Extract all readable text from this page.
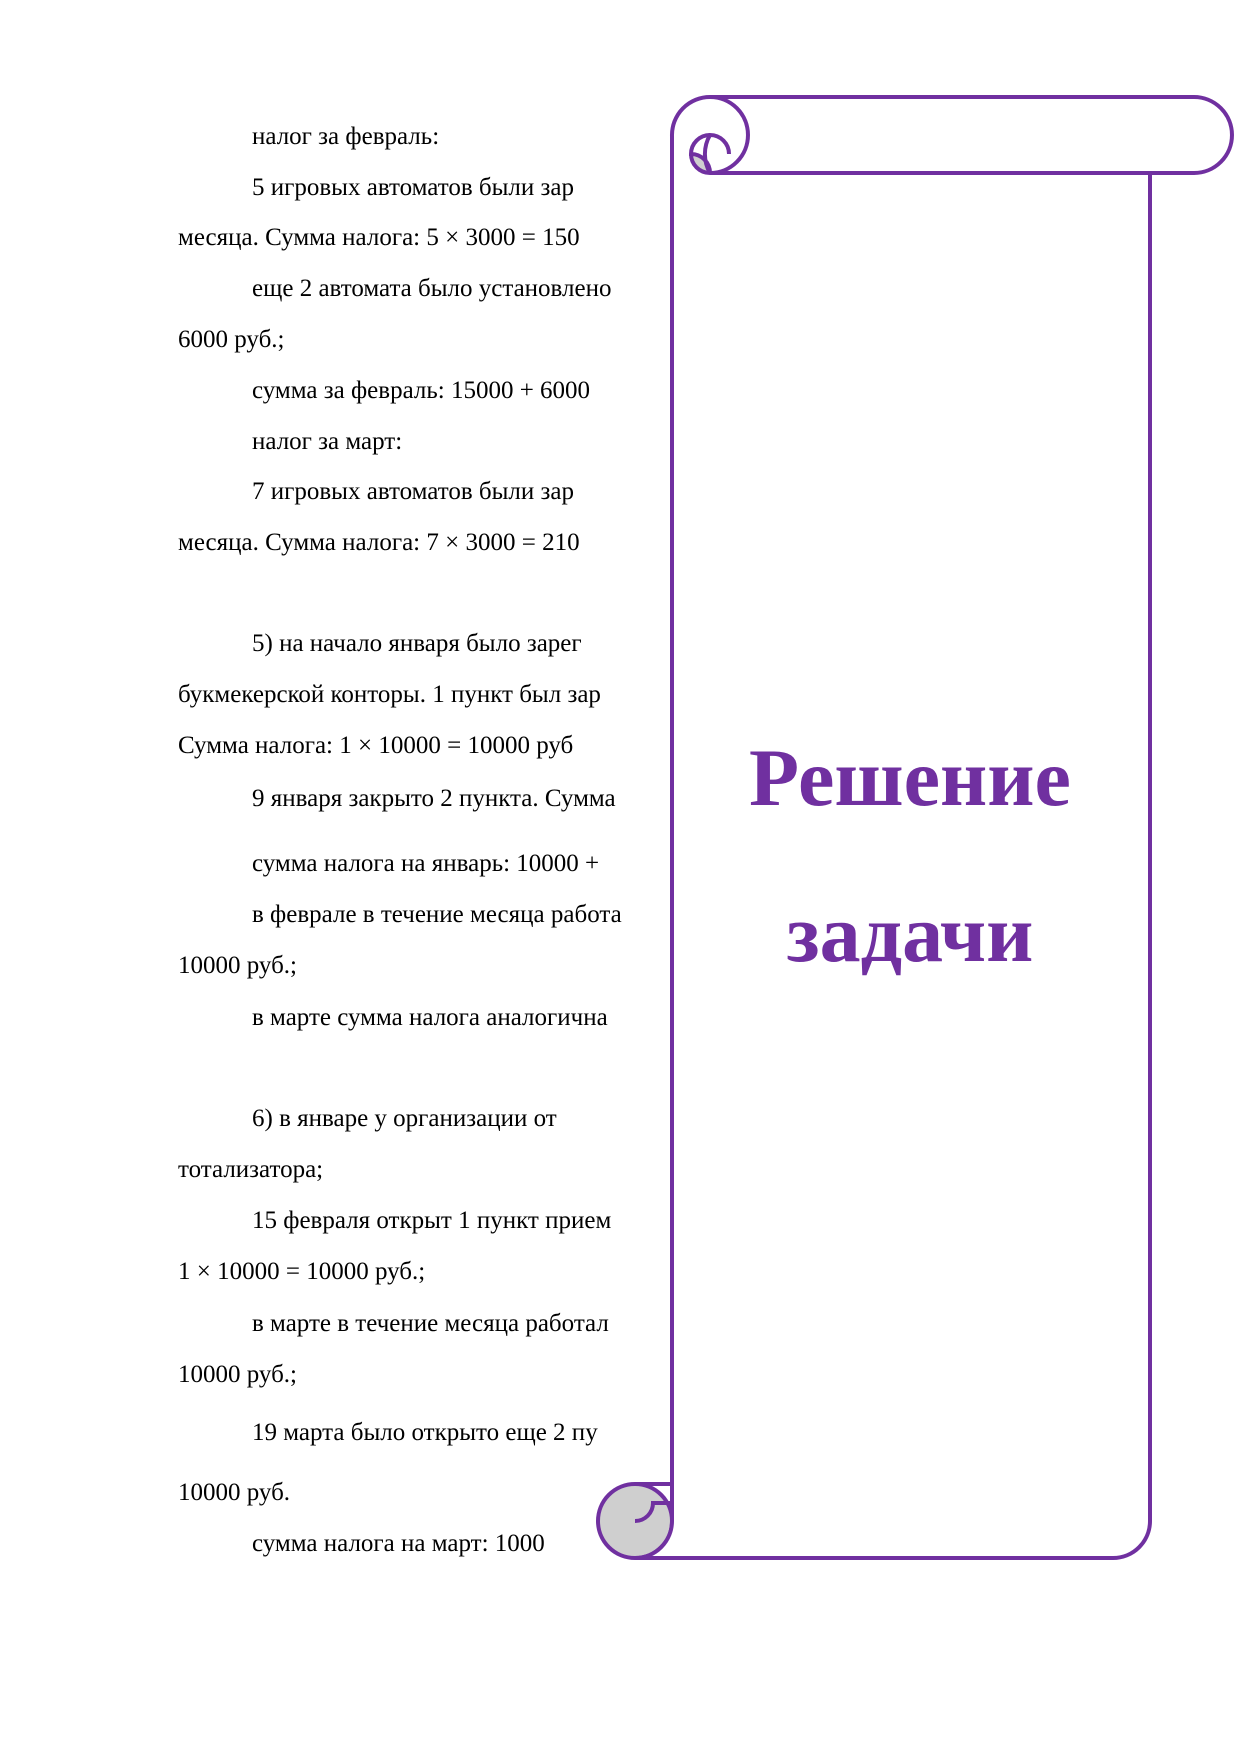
налог за февраль:
5 игровых автоматов были зар
месяца. Сумма налога: 5 × 3000 = 150
еще 2 автомата было установлено
6000 руб.;
сумма за февраль: 15000 + 6000
налог за март:
7 игровых автоматов были зар
месяца. Сумма налога: 7 × 3000 = 210
5) на начало января было зарег
букмекерской конторы. 1 пункт был зар
Сумма налога: 1 × 10000 = 10000 руб
9 января закрыто 2 пункта. Сумма
сумма налога на январь: 10000 +
в феврале в течение месяца работа
10000 руб.;
в марте сумма налога аналогична
6) в январе у организации от
тотализатора;
15 февраля открыт 1 пункт прием
1 × 10000 = 10000 руб.;
в марте в течение месяца работал
10000 руб.;
19 марта было открыто еще 2 пу
10000 руб.
сумма налога на март: 1000
Решение
задачи
